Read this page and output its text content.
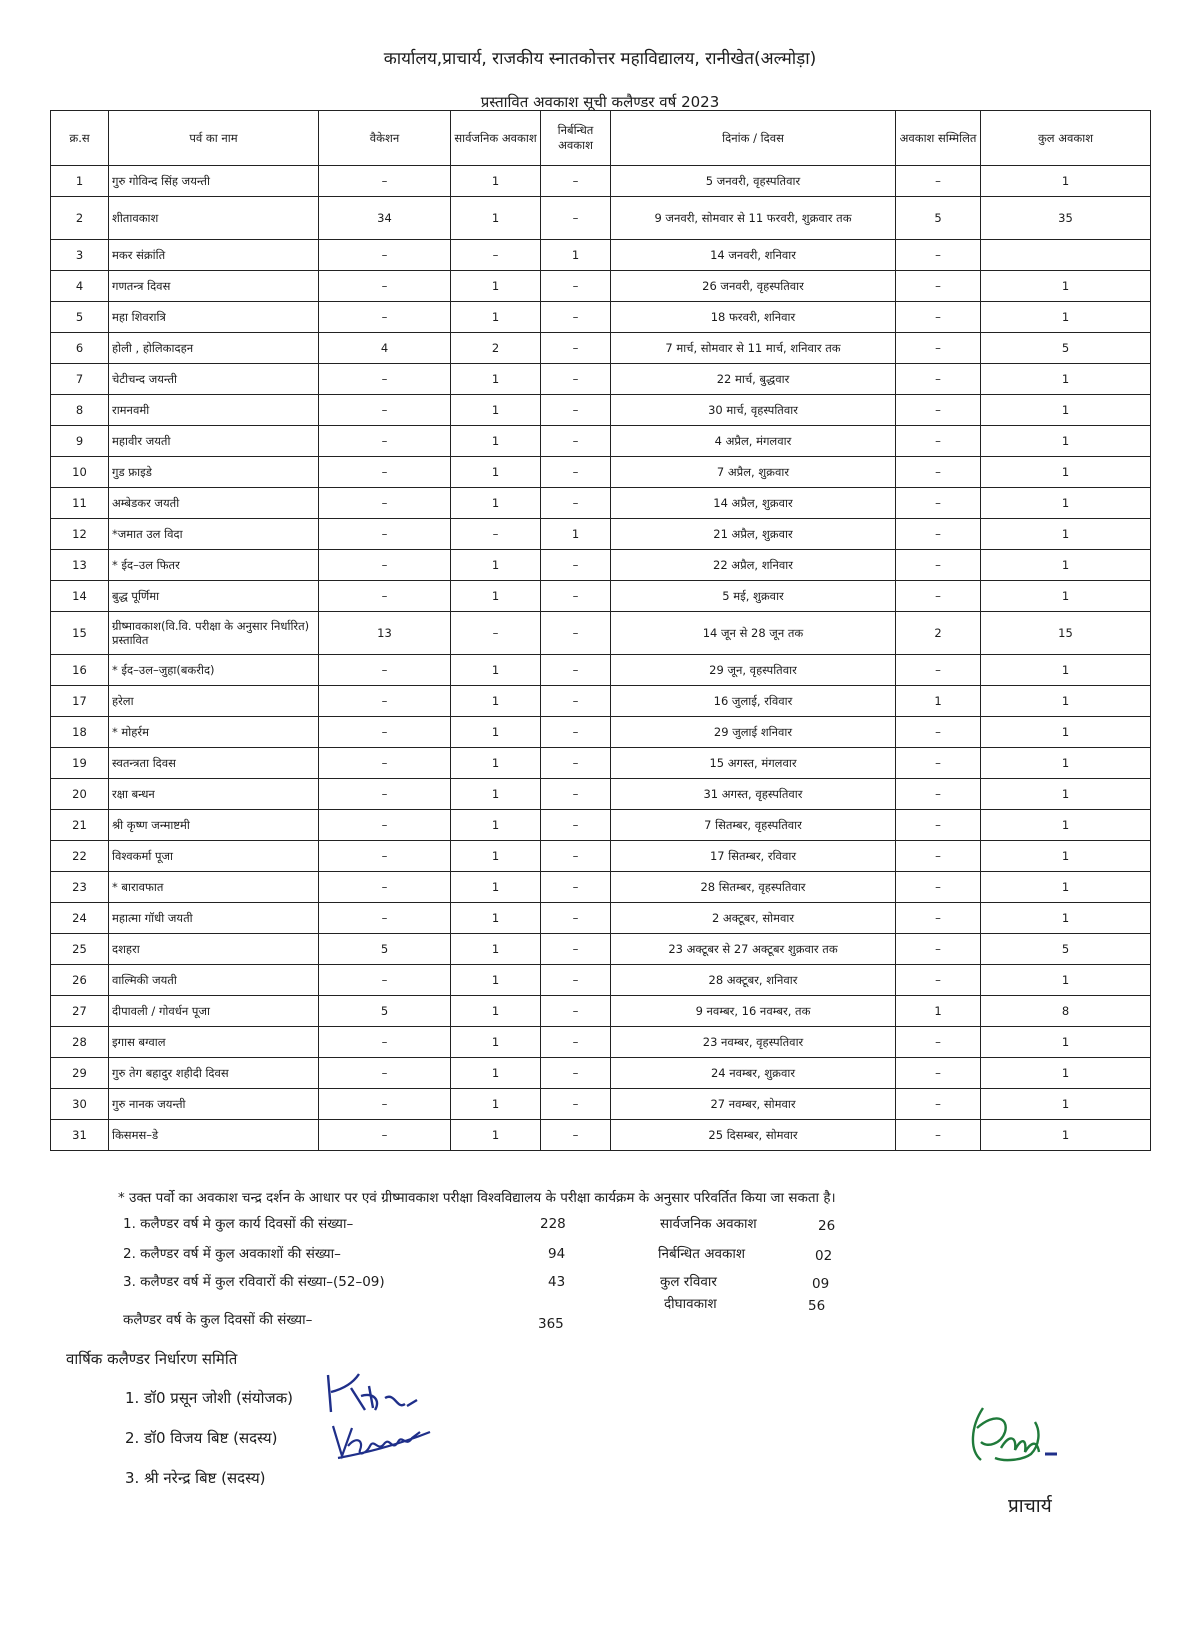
कार्यालय,प्राचार्य, राजकीय स्नातकोत्तर महाविद्यालय, रानीखेत(अल्मोड़ा)
प्रस्तावित अवकाश सूची कलैण्डर वर्ष 2023
क्र.स	पर्व का नाम	वैकेशन	सार्वजनिक अवकाश	निर्बन्धित अवकाश	दिनांक / दिवस	अवकाश सम्मिलित	कुल अवकाश
1	गुरु गोविन्द सिंह जयन्ती	–	1	–	5 जनवरी, वृहस्पतिवार	–	1
2	शीतावकाश	34	1	–	9 जनवरी, सोमवार से 11 फरवरी, शुक्रवार तक	5	35
3	मकर संक्रांति	–	–	1	14 जनवरी, शनिवार	–	
4	गणतन्त्र दिवस	–	1	–	26 जनवरी, वृहस्पतिवार	–	1
5	महा शिवरात्रि	–	1	–	18 फरवरी, शनिवार	–	1
6	होली , होलिकादहन	4	2	–	7 मार्च, सोमवार से 11 मार्च, शनिवार तक	–	5
7	चेटीचन्द जयन्ती	–	1	–	22 मार्च, बुद्धवार	–	1
8	रामनवमी	–	1	–	30 मार्च, वृहस्पतिवार	–	1
9	महावीर जयती	–	1	–	4 अप्रैल, मंगलवार	–	1
10	गुड फ्राइडे	–	1	–	7 अप्रैल, शुक्रवार	–	1
11	अम्बेडकर जयती	–	1	–	14 अप्रैल, शुक्रवार	–	1
12	*जमात उल विदा	–	–	1	21 अप्रैल, शुक्रवार	–	1
13	* ईद–उल फितर	–	1	–	22 अप्रैल, शनिवार	–	1
14	बुद्ध पूर्णिमा	–	1	–	5 मई, शुक्रवार	–	1
15	ग्रीष्मावकाश(वि.वि. परीक्षा के अनुसार निर्धारित) प्रस्तावित	13	–	–	14 जून से 28 जून तक	2	15
16	* ईद–उल–जुहा(बकरीद)	–	1	–	29 जून, वृहस्पतिवार	–	1
17	हरेला	–	1	–	16 जुलाई, रविवार	1	1
18	* मोहर्रम	–	1	–	29 जुलाई शनिवार	–	1
19	स्वतन्त्रता दिवस	–	1	–	15 अगस्त, मंगलवार	–	1
20	रक्षा बन्धन	–	1	–	31 अगस्त, वृहस्पतिवार	–	1
21	श्री कृष्ण जन्माष्टमी	–	1	–	7 सितम्बर, वृहस्पतिवार	–	1
22	विश्वकर्मा पूजा	–	1	–	17 सितम्बर, रविवार	–	1
23	* बारावफात	–	1	–	28 सितम्बर, वृहस्पतिवार	–	1
24	महात्मा गॉधी जयती	–	1	–	2 अक्टूबर, सोमवार	–	1
25	दशहरा	5	1	–	23 अक्टूबर से 27 अक्टूबर शुक्रवार तक	–	5
26	वाल्मिकी जयती	–	1	–	28 अक्टूबर, शनिवार	–	1
27	दीपावली / गोवर्धन पूजा	5	1	–	9 नवम्बर, 16 नवम्बर, तक	1	8
28	इगास बग्वाल	–	1	–	23 नवम्बर, वृहस्पतिवार	–	1
29	गुरु तेग बहादुर शहीदी दिवस	–	1	–	24 नवम्बर, शुक्रवार	–	1
30	गुरु नानक जयन्ती	–	1	–	27 नवम्बर, सोमवार	–	1
31	किसमस–डे	–	1	–	25 दिसम्बर, सोमवार	–	1
* उक्त पर्वो का अवकाश चन्द्र दर्शन के आधार पर एवं ग्रीष्मावकाश परीक्षा विश्वविद्यालय के परीक्षा कार्यक्रम के अनुसार परिवर्तित किया जा सकता है।
1. कलैण्डर वर्ष मे कुल कार्य दिवसों की संख्या–	228
2. कलैण्डर वर्ष में कुल अवकाशों की संख्या–	94
3. कलैण्डर वर्ष में कुल रविवारों की संख्या–(52–09)	43
सार्वजनिक अवकाश	26
निर्बन्धित अवकाश	02
कुल रविवार	09
दीघावकाश	56
कलैण्डर वर्ष के कुल दिवसों की संख्या–	365
वार्षिक कलैण्डर निर्धारण समिति
1. डॉ0 प्रसून जोशी (संयोजक)
2. डॉ0 विजय बिष्ट (सदस्य)
3. श्री नरेन्द्र बिष्ट (सदस्य)
प्राचार्य
